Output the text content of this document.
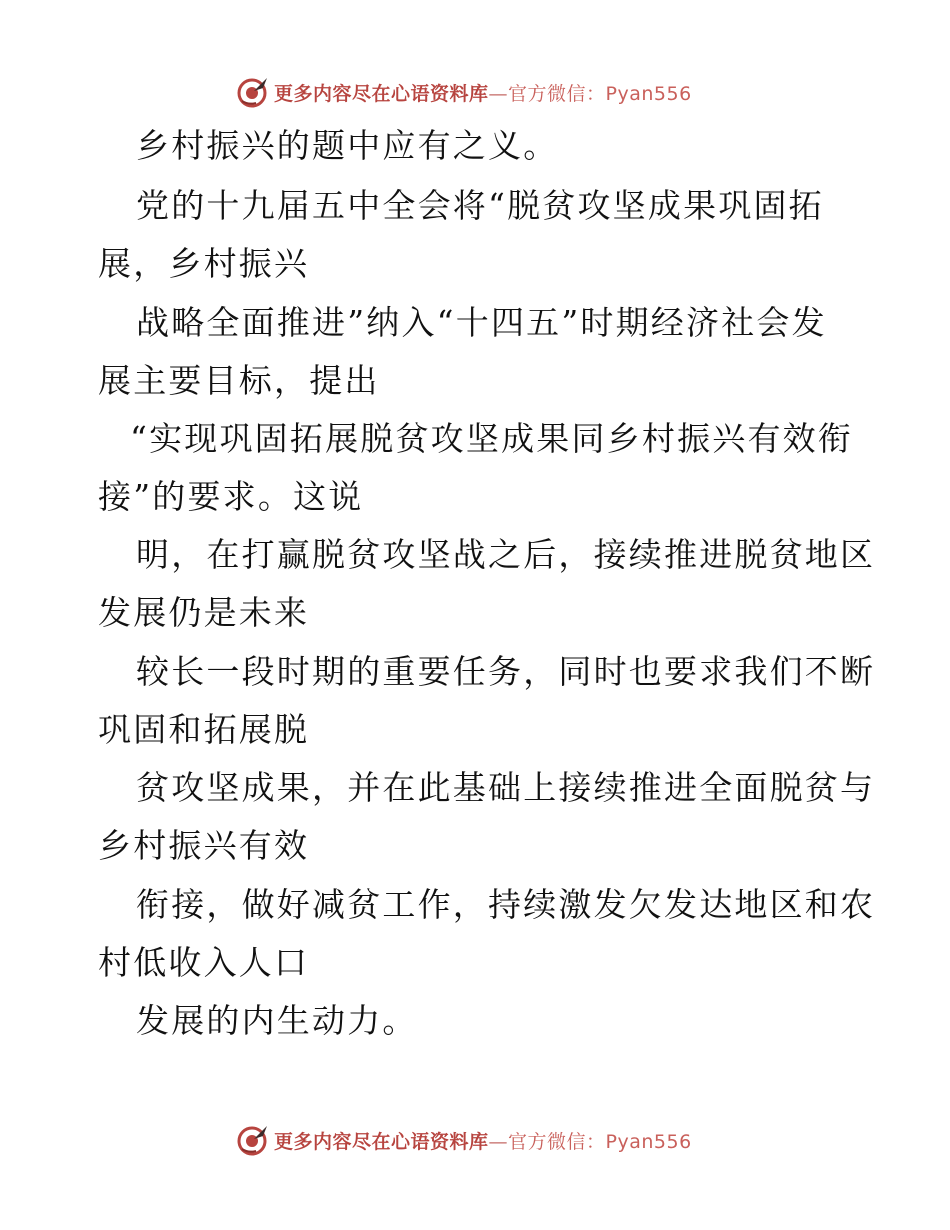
更多内容尽在心语资料库—官方微信：Pyan556
乡村振兴的题中应有之义。
党的十九届五中全会将“脱贫攻坚成果巩固拓
展，乡村振兴
战略全面推进”纳入“十四五”时期经济社会发
展主要目标，提出
“实现巩固拓展脱贫攻坚成果同乡村振兴有效衔
接”的要求。这说
明，在打赢脱贫攻坚战之后，接续推进脱贫地区
发展仍是未来
较长一段时期的重要任务，同时也要求我们不断
巩固和拓展脱
贫攻坚成果，并在此基础上接续推进全面脱贫与
乡村振兴有效
衔接，做好减贫工作，持续激发欠发达地区和农
村低收入人口
发展的内生动力。
更多内容尽在心语资料库—官方微信：Pyan556
